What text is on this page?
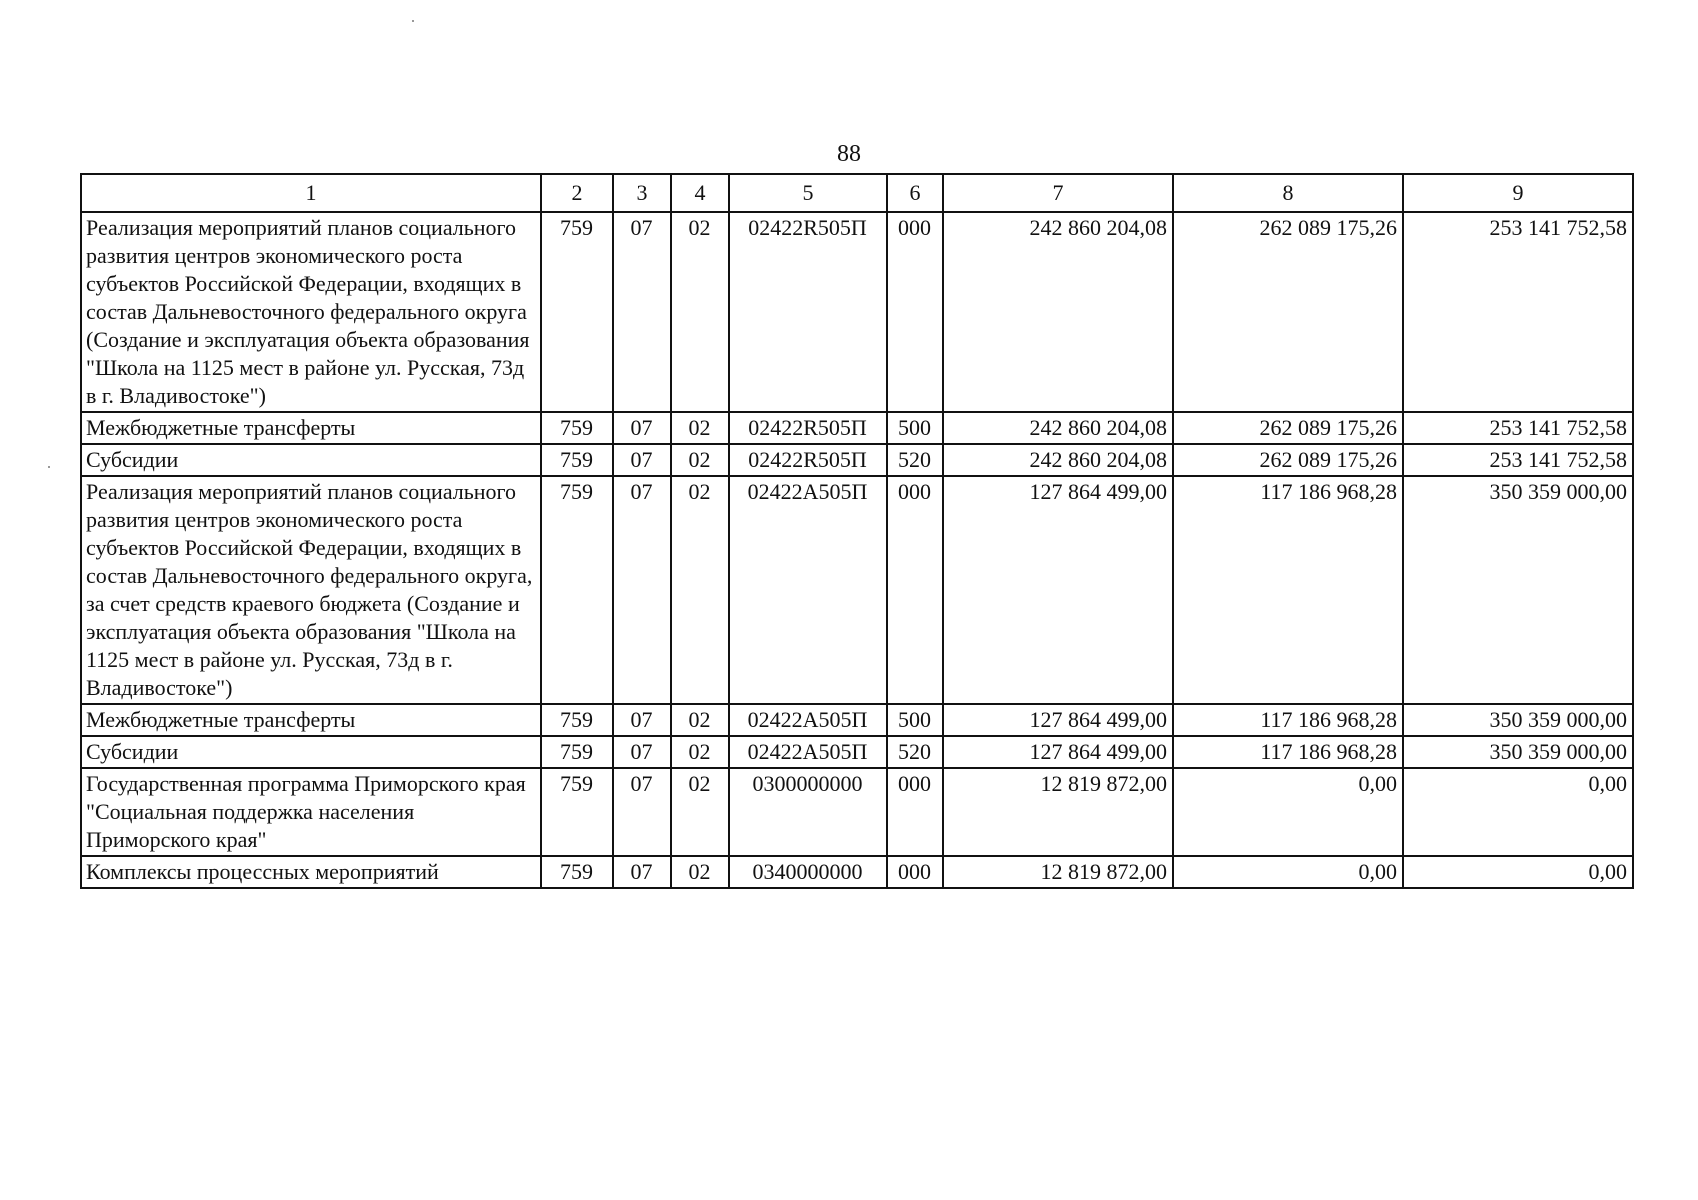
88
1	2	3	4	5	6	7	8	9
Реализация мероприятий планов социального развития центров экономического роста субъектов Российской Федерации, входящих в состав Дальневосточного федерального округа (Создание и эксплуатация объекта образования "Школа на 1125 мест в районе ул. Русская, 73д в г. Владивостоке")	759	07	02	02422R505П	000	242 860 204,08	262 089 175,26	253 141 752,58

Межбюджетные трансферты	759	07	02	02422R505П	500	242 860 204,08	262 089 175,26	253 141 752,58

Субсидии	759	07	02	02422R505П	520	242 860 204,08	262 089 175,26	253 141 752,58

Реализация мероприятий планов социального развития центров экономического роста субъектов Российской Федерации, входящих в состав Дальневосточного федерального округа, за счет средств краевого бюджета (Создание и эксплуатация объекта образования "Школа на 1125 мест в районе ул. Русская, 73д в г. Владивостоке")	759	07	02	02422А505П	000	127 864 499,00	117 186 968,28	350 359 000,00

Межбюджетные трансферты	759	07	02	02422А505П	500	127 864 499,00	117 186 968,28	350 359 000,00

Субсидии	759	07	02	02422А505П	520	127 864 499,00	117 186 968,28	350 359 000,00

Государственная программа Приморского края "Социальная поддержка населения Приморского края"	759	07	02	0300000000	000	12 819 872,00	0,00	0,00

Комплексы процессных мероприятий	759	07	02	0340000000	000	12 819 872,00	0,00	0,00
